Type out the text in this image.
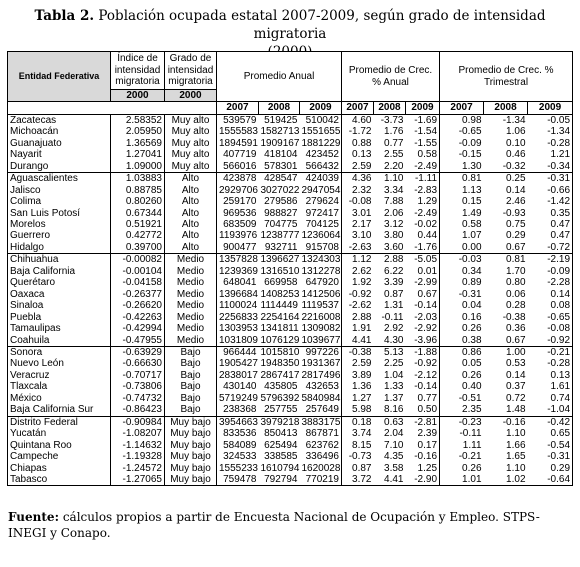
Tabla 2. Población ocupada estatal 2007-2009, según grado de intensidad migratoria

Entidad Federativa	Índice de intensidad migratoria	Grado de intensidad migratoria	Promedio Anual			Promedio de Crec. % Anual			Promedio de Crec. % Trimestral		
	2000	2000									
			2007	2008	2009	2007	2008	2009	2007	2008	2009
Zacatecas	2.58352	Muy alto	539579	519425	510042	4.60	-3.73	-1.69	0.98	-1.34	-0.05
Michoacán	2.05950	Muy alto	1555583	1582713	1551655	-1.72	1.76	-1.54	-0.65	1.06	-1.34
Guanajuato	1.36569	Muy alto	1894591	1909167	1881229	0.88	0.77	-1.55	-0.09	0.10	-0.28
Nayarit	1.27041	Muy alto	407719	418104	423452	0.13	2.55	0.58	-0.15	0.46	1.21
Durango	1.09000	Muy alto	566016	578301	566432	2.59	2.20	-2.49	1.30	-0.32	-0.34
Aguascalientes	1.03883	Alto	423878	428547	424039	4.36	1.10	-1.11	0.81	0.25	-0.31
Jalisco	0.88785	Alto	2929706	3027022	2947054	2.32	3.34	-2.83	1.13	0.14	-0.66
Colima	0.80260	Alto	259170	279586	279624	-0.08	7.88	1.29	0.15	2.46	-1.42
San Luis Potosí	0.67344	Alto	969536	988827	972417	3.01	2.06	-2.49	1.49	-0.93	0.35
Morelos	0.51921	Alto	683509	704775	704125	2.17	3.12	-0.02	0.58	0.75	0.47
Guerrero	0.42772	Alto	1193976	1238777	1236064	3.10	3.80	0.44	1.07	0.29	0.47
Hidalgo	0.39700	Alto	900477	932711	915708	-2.63	3.60	-1.76	0.00	0.67	-0.72
Chihuahua	-0.00082	Medio	1357828	1396627	1324303	1.12	2.88	-5.05	-0.03	0.81	-2.19
Baja California	-0.00104	Medio	1239369	1316510	1312278	2.62	6.22	0.01	0.34	1.70	-0.09
Querétaro	-0.04158	Medio	648041	669958	647920	1.92	3.39	-2.99	0.89	0.80	-2.28
Oaxaca	-0.26377	Medio	1396684	1408253	1412506	-0.92	0.87	0.67	-0.31	0.06	0.14
Sinaloa	-0.26620	Medio	1100024	1114449	1119537	-2.62	1.31	-0.14	0.04	0.28	0.08
Puebla	-0.42263	Medio	2256833	2254164	2216008	2.88	-0.11	-2.03	0.16	-0.38	-0.65
Tamaulipas	-0.42994	Medio	1303953	1341811	1309082	1.91	2.92	-2.92	0.26	0.36	-0.08
Coahuila	-0.47955	Medio	1031809	1076129	1039677	4.41	4.30	-3.96	0.38	0.67	-0.92
Sonora	-0.63929	Bajo	966444	1015810	997226	-0.38	5.13	-1.88	0.86	1.00	-0.21
Nuevo León	-0.66630	Bajo	1905427	1948350	1931367	2.59	2.25	-0.92	0.05	0.53	-0.28
Veracruz	-0.70717	Bajo	2838017	2867417	2817496	3.89	1.04	-2.12	0.26	0.14	0.13
Tlaxcala	-0.73806	Bajo	430140	435805	432653	1.36	1.33	-0.14	0.40	0.37	1.61
México	-0.74732	Bajo	5719249	5796392	5840984	1.27	1.37	0.77	-0.51	0.72	0.74
Baja California Sur	-0.86423	Bajo	238368	257755	257649	5.98	8.16	0.50	2.35	1.48	-1.04
Distrito Federal	-0.90984	Muy bajo	3954663	3979218	3883175	0.18	0.63	-2.81	-0.23	-0.16	-0.42
Yucatán	-1.08207	Muy bajo	833536	850413	867871	3.74	2.04	2.39	-0.11	1.10	0.65
Quintana Roo	-1.14632	Muy bajo	584089	625494	623762	8.15	7.10	0.17	1.11	1.66	-0.54
Campeche	-1.19328	Muy bajo	324533	338585	336496	-0.73	4.35	-0.16	-0.21	1.65	-0.31
Chiapas	-1.24572	Muy bajo	1555233	1610794	1620028	0.87	3.58	1.25	0.26	1.10	0.29
Tabasco	-1.27065	Muy bajo	759478	792794	770219	3.72	4.41	-2.90	1.01	1.02	-0.64
Fuente: cálculos propios a partir de Encuesta Nacional de Ocupación y Empleo. STPS-INEGI y Conapo.
